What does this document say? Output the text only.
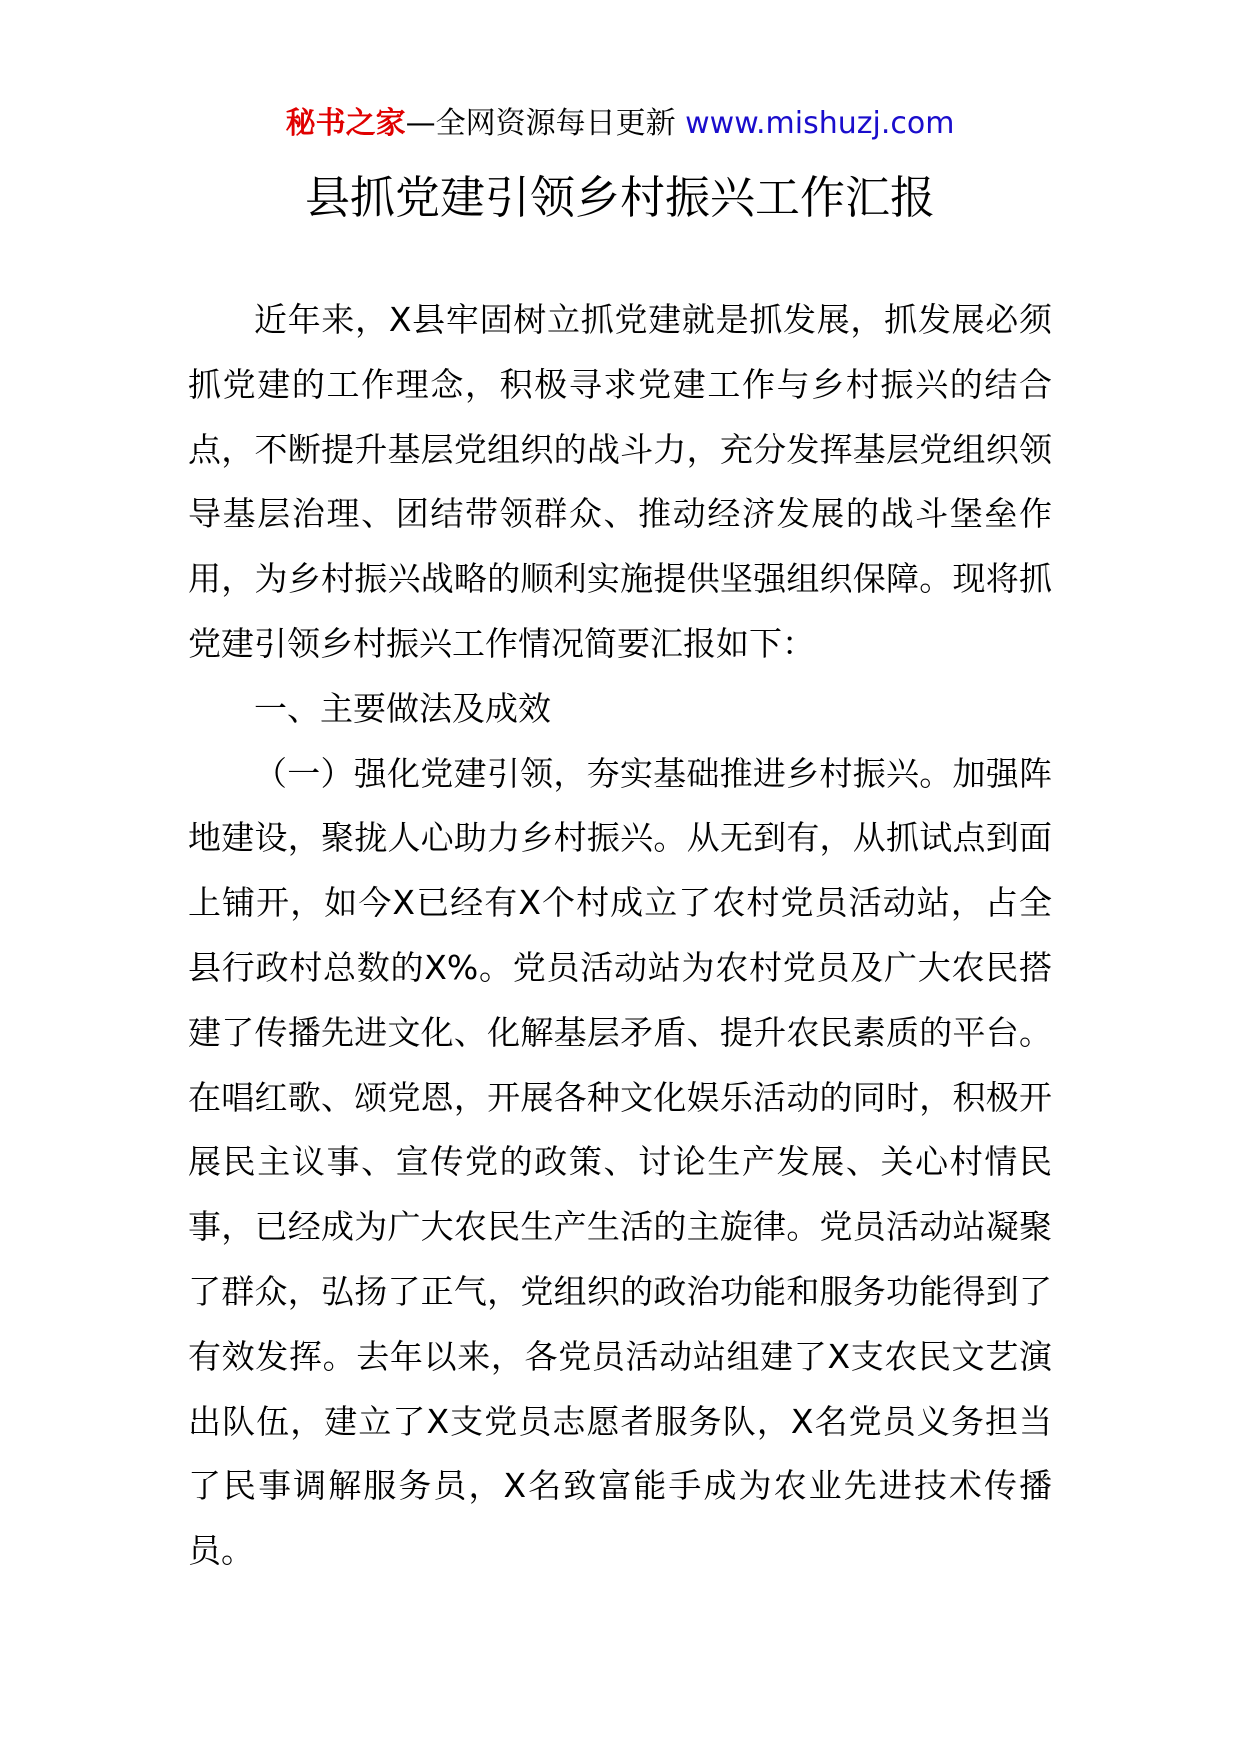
秘书之家—全网资源每日更新 www.mishuzj.com
县抓党建引领乡村振兴工作汇报

近年来，X县牢固树立抓党建就是抓发展，抓发展必须抓党建的工作理念，积极寻求党建工作与乡村振兴的结合点，不断提升基层党组织的战斗力，充分发挥基层党组织领导基层治理、团结带领群众、推动经济发展的战斗堡垒作用，为乡村振兴战略的顺利实施提供坚强组织保障。现将抓党建引领乡村振兴工作情况简要汇报如下：

一、主要做法及成效

（一）强化党建引领，夯实基础推进乡村振兴。加强阵地建设，聚拢人心助力乡村振兴。从无到有，从抓试点到面上铺开，如今X已经有X个村成立了农村党员活动站，占全县行政村总数的X%。党员活动站为农村党员及广大农民搭建了传播先进文化、化解基层矛盾、提升农民素质的平台。在唱红歌、颂党恩，开展各种文化娱乐活动的同时，积极开展民主议事、宣传党的政策、讨论生产发展、关心村情民事，已经成为广大农民生产生活的主旋律。党员活动站凝聚了群众，弘扬了正气，党组织的政治功能和服务功能得到了有效发挥。去年以来，各党员活动站组建了X支农民文艺演出队伍，建立了X支党员志愿者服务队，X名党员义务担当了民事调解服务员，X名致富能手成为农业先进技术传播员。
